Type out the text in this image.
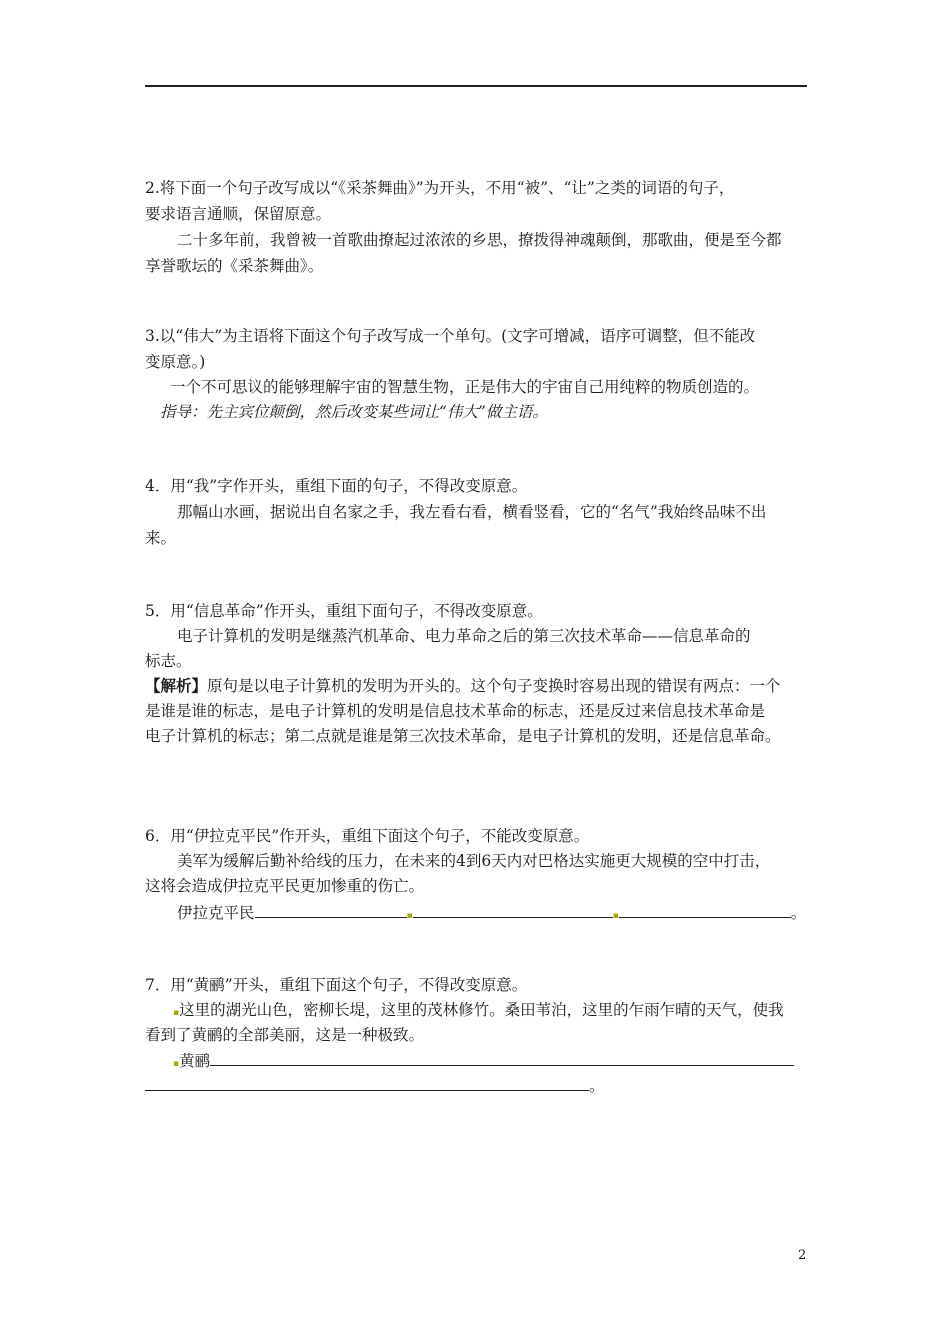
2.将下面一个句子改写成以“《采茶舞曲》”为开头，不用“被”、“让”之类的词语的句子，
要求语言通顺，保留原意。
二十多年前，我曾被一首歌曲撩起过浓浓的乡思，撩拨得神魂颠倒，那歌曲，便是至今都
享誉歌坛的《采茶舞曲》。
3.以“伟大”为主语将下面这个句子改写成一个单句。(文字可增减，语序可调整，但不能改
变原意。)
一个不可思议的能够理解宇宙的智慧生物，正是伟大的宇宙自己用纯粹的物质创造的。
指导：先主宾位颠倒，然后改变某些词让“伟大”做主语。
4．用“我”字作开头，重组下面的句子，不得改变原意。
那幅山水画，据说出自名家之手，我左看右看，横看竖看，它的“名气”我始终品味不出
来。
5．用“信息革命”作开头，重组下面句子，不得改变原意。
电子计算机的发明是继蒸汽机革命、电力革命之后的第三次技术革命——信息革命的
标志。
【解析】原句是以电子计算机的发明为开头的。这个句子变换时容易出现的错误有两点：一个
是谁是谁的标志，是电子计算机的发明是信息技术革命的标志，还是反过来信息技术革命是
电子计算机的标志；第二点就是谁是第三次技术革命，是电子计算机的发明，还是信息革命。
6．用“伊拉克平民”作开头，重组下面这个句子，不能改变原意。
美军为缓解后勤补给线的压力，在未来的4到6天内对巴格达实施更大规模的空中打击，
这将会造成伊拉克平民更加惨重的伤亡。
伊拉克平民	▪	▪	。
7．用“黄鹂”开头，重组下面这个句子，不得改变原意。
▪这里的湖光山色，密柳长堤，这里的茂林修竹。桑田苇泊，这里的乍雨乍晴的天气，使我
看到了黄鹂的全部美丽，这是一种极致。
▪黄鹂
。
2
